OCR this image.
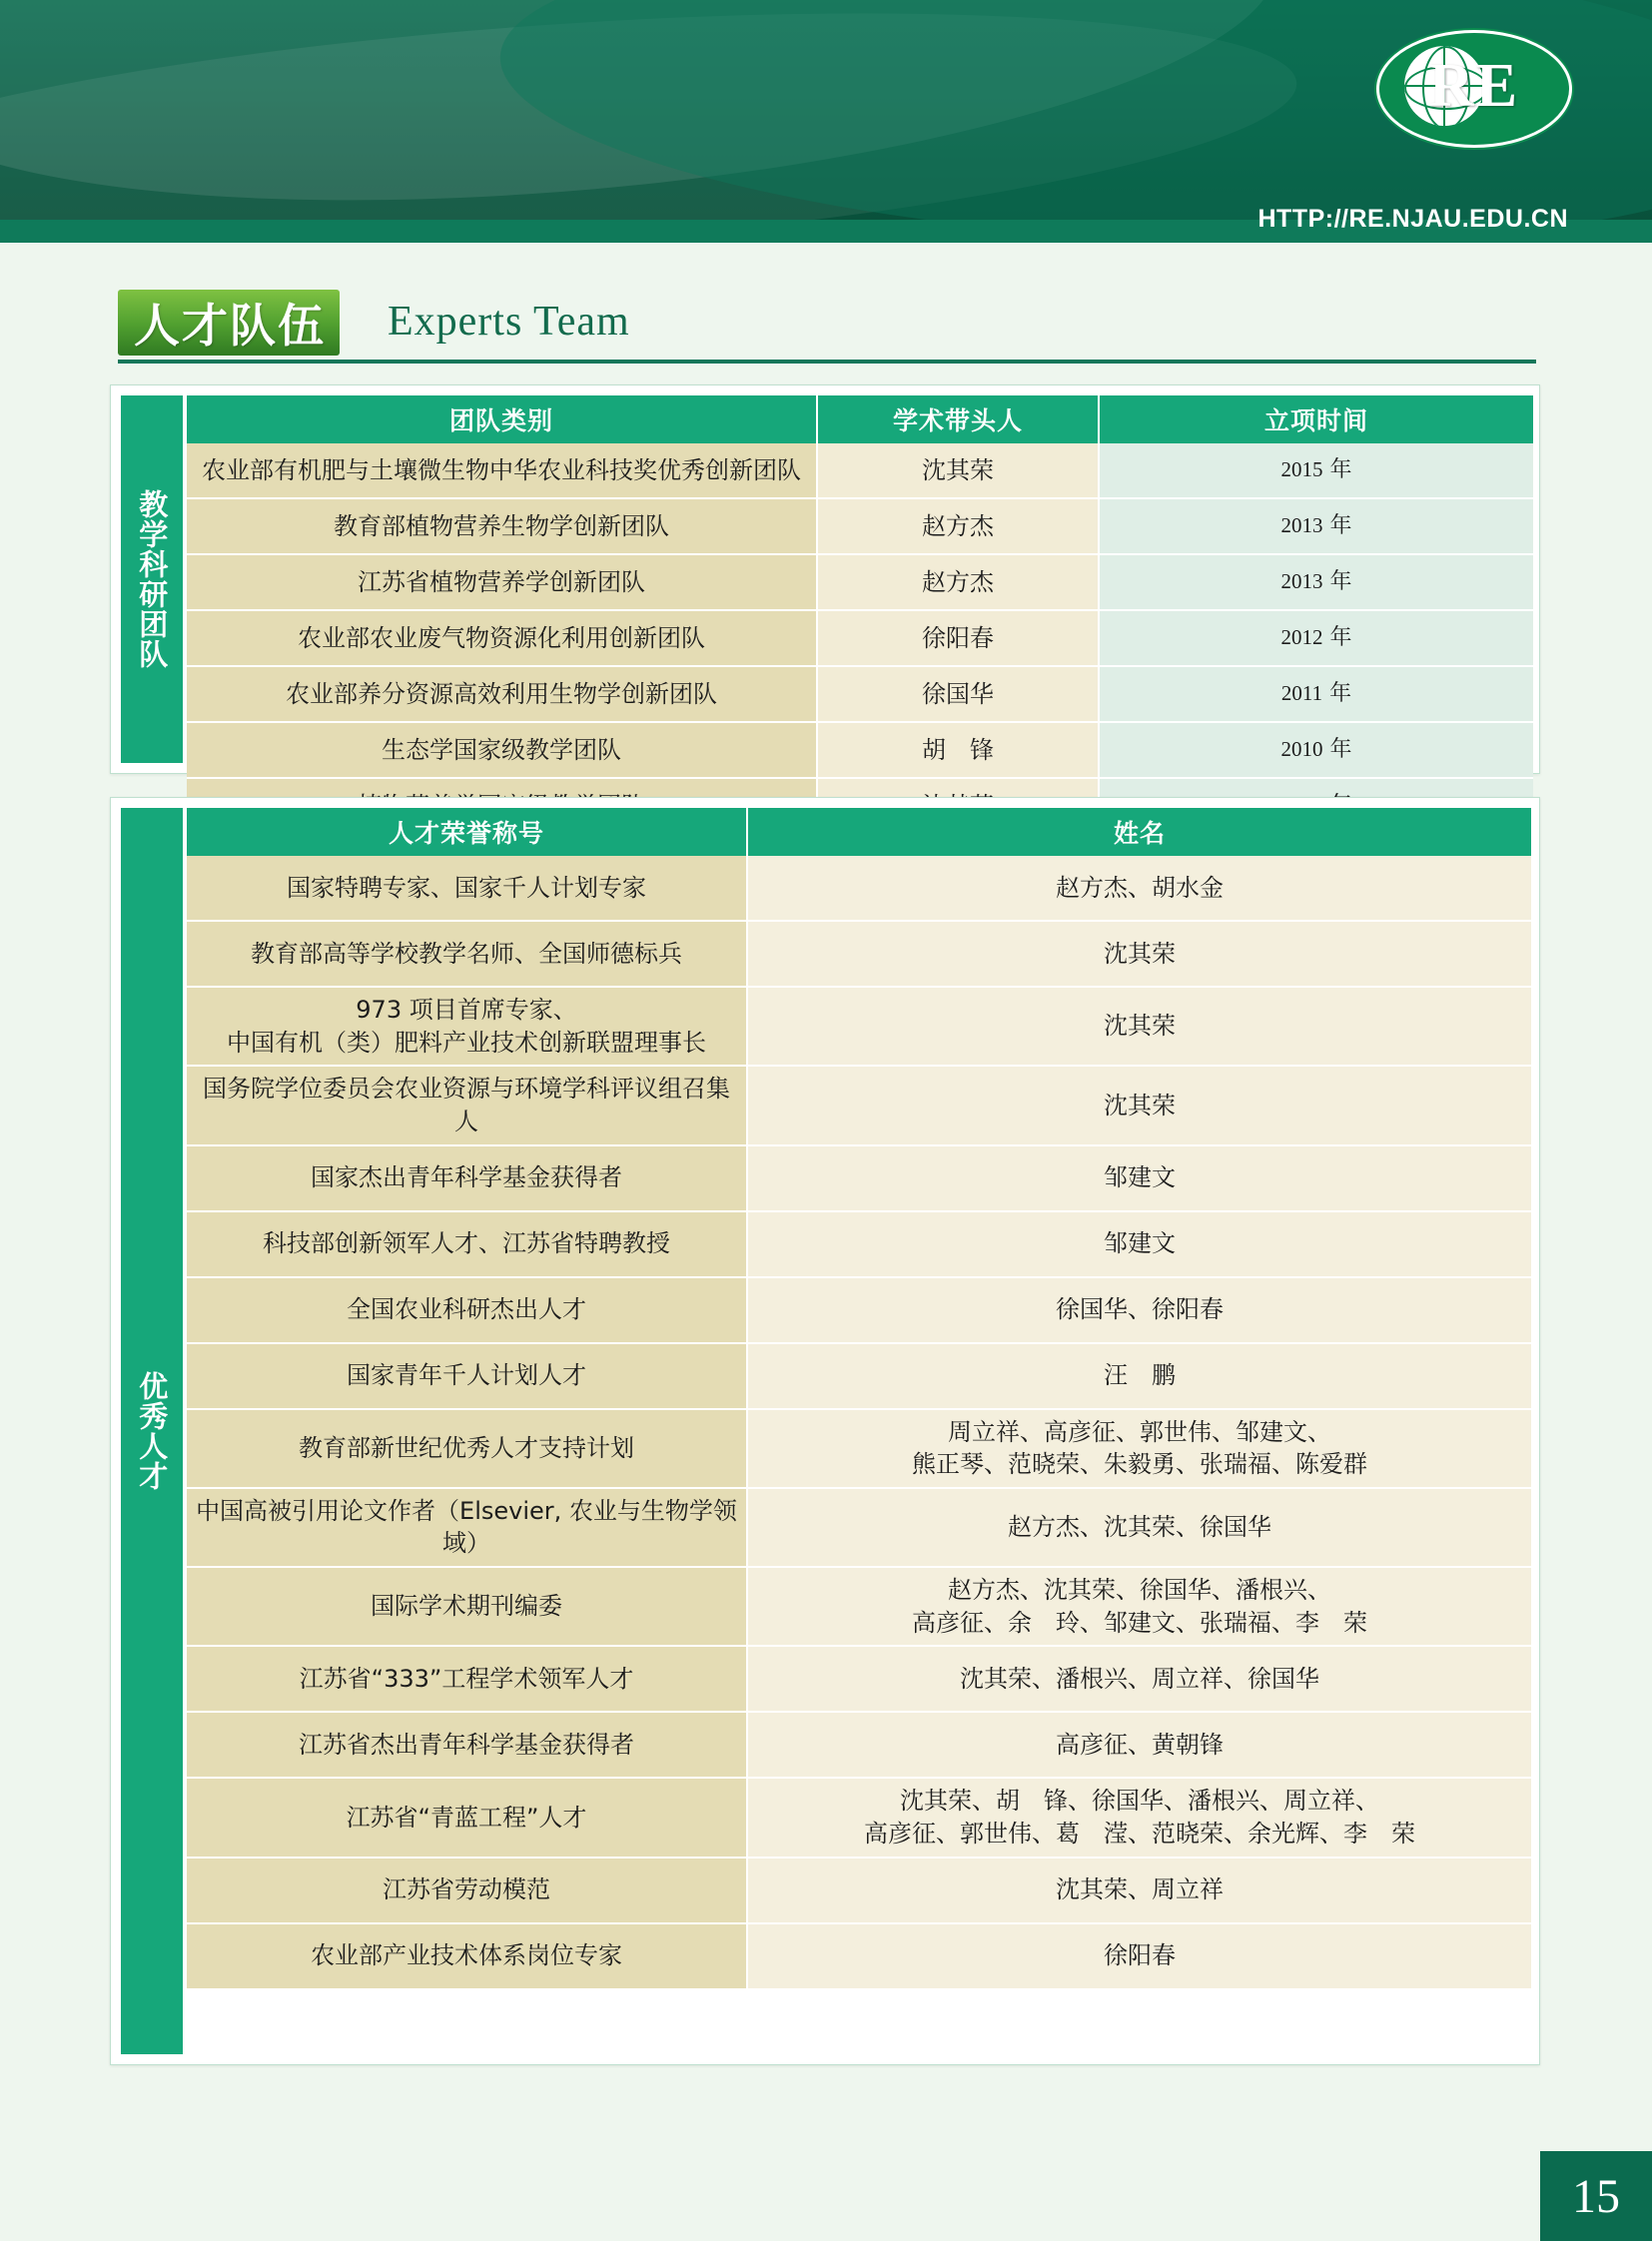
RE
HTTP://RE.NJAU.EDU.CN
人才队伍 Experts Team
教学科研团队
团队类别	学术带头人	立项时间
农业部有机肥与土壤微生物中华农业科技奖优秀创新团队	沈其荣	2015 年
教育部植物营养生物学创新团队	赵方杰	2013 年
江苏省植物营养学创新团队	赵方杰	2013 年
农业部农业废气物资源化利用创新团队	徐阳春	2012 年
农业部养分资源高效利用生物学创新团队	徐国华	2011 年
生态学国家级教学团队	胡　锋	2010 年

优秀人才
人才荣誉称号	姓名
国家特聘专家、国家千人计划专家	赵方杰、胡水金
教育部高等学校教学名师、全国师德标兵	沈其荣
973 项目首席专家、
中国有机（类）肥料产业技术创新联盟理事长	沈其荣
国务院学位委员会农业资源与环境学科评议组召集人	沈其荣
国家杰出青年科学基金获得者	邹建文
科技部创新领军人才、江苏省特聘教授	邹建文
全国农业科研杰出人才	徐国华、徐阳春
国家青年千人计划人才	汪　鹏
教育部新世纪优秀人才支持计划	周立祥、高彦征、郭世伟、邹建文、
熊正琴、范晓荣、朱毅勇、张瑞福、陈爱群
中国高被引用论文作者（Elsevier, 农业与生物学领域）	赵方杰、沈其荣、徐国华
国际学术期刊编委	赵方杰、沈其荣、徐国华、潘根兴、
高彦征、余　玲、邹建文、张瑞福、李　荣
江苏省“333”工程学术领军人才	沈其荣、潘根兴、周立祥、徐国华
江苏省杰出青年科学基金获得者	高彦征、黄朝锋
江苏省“青蓝工程”人才	沈其荣、胡　锋、徐国华、潘根兴、周立祥、
高彦征、郭世伟、葛　滢、范晓荣、余光辉、李　荣
江苏省劳动模范	沈其荣、周立祥
农业部产业技术体系岗位专家	徐阳春
15
